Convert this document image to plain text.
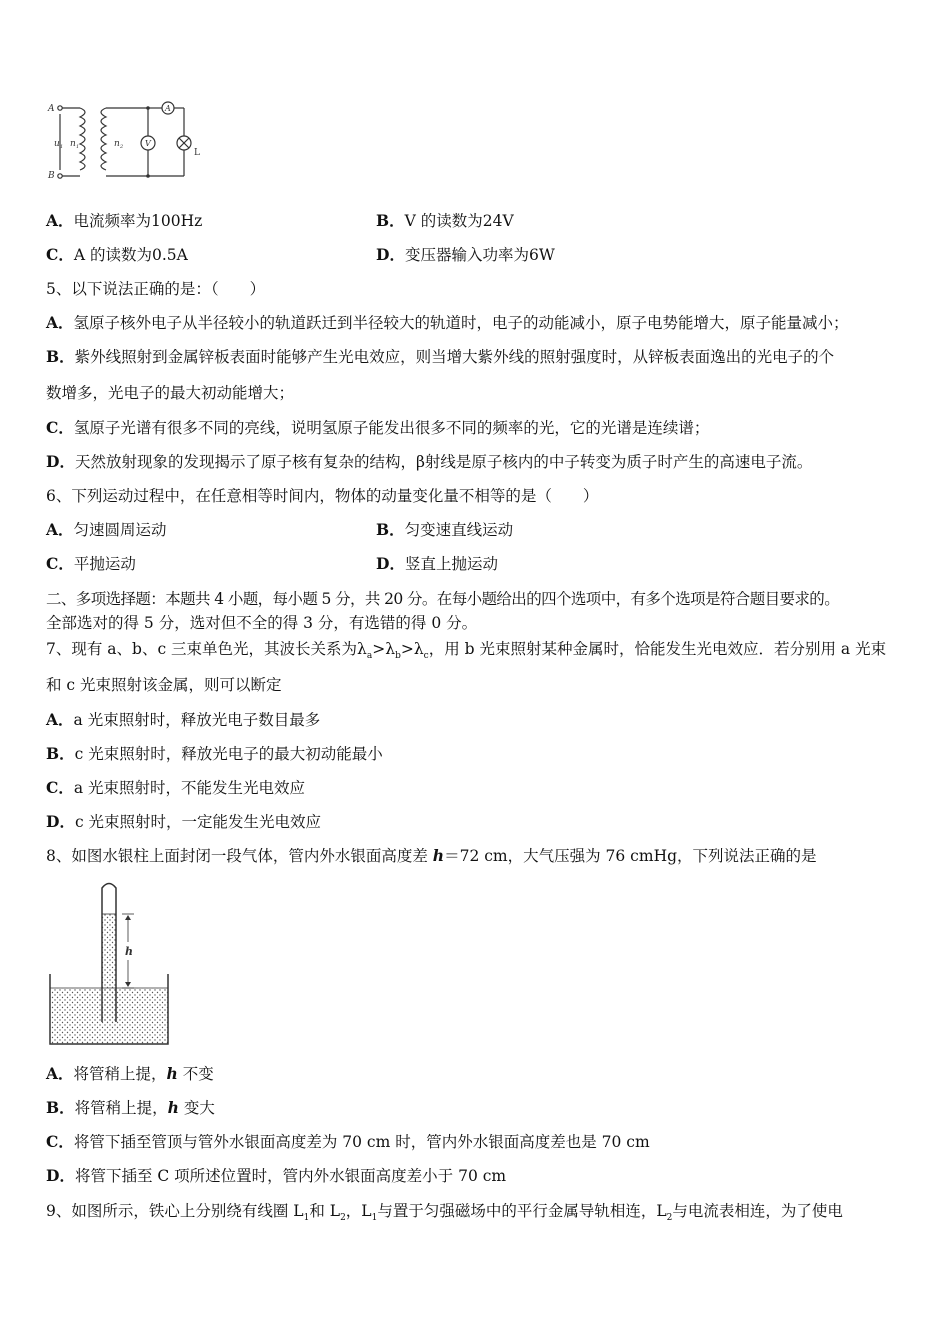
A
B
u 1 n 1	n 2
A
V
L
A．电流频率为100Hz	B．V 的读数为24V
C．A 的读数为0.5A	D．变压器输入功率为6W
5、以下说法正确的是：（　　）
A．氢原子核外电子从半径较小的轨道跃迁到半径较大的轨道时，电子的动能减小，原子电势能增大，原子能量减小；
B．紫外线照射到金属锌板表面时能够产生光电效应，则当增大紫外线的照射强度时，从锌板表面逸出的光电子的个
数增多，光电子的最大初动能增大；
C．氢原子光谱有很多不同的亮线，说明氢原子能发出很多不同的频率的光，它的光谱是连续谱；
D．天然放射现象的发现揭示了原子核有复杂的结构，β射线是原子核内的中子转变为质子时产生的高速电子流。
6、下列运动过程中，在任意相等时间内，物体的动量变化量不相等的是（　　）
A．匀速圆周运动	B．匀变速直线运动
C．平抛运动	D．竖直上抛运动
二、多项选择题：本题共 4 小题，每小题 5 分，共 20 分。在每小题给出的四个选项中，有多个选项是符合题目要求的。
全部选对的得 5 分，选对但不全的得 3 分，有选错的得 0 分。
7、现有 a、b、c 三束单色光，其波长关系为$\lambda_a>\lambda_b>\lambda_c$，用 b 光束照射某种金属时，恰能发生光电效应．若分别用 a 光束
和 c 光束照射该金属，则可以断定
A．a 光束照射时，释放光电子数目最多
B．c 光束照射时，释放光电子的最大初动能最小
C．a 光束照射时，不能发生光电效应
D．c 光束照射时，一定能发生光电效应
8、如图水银柱上面封闭一段气体，管内外水银面高度差 h＝72 cm，大气压强为 76 cmHg，下列说法正确的是
h
A．将管稍上提，h 不变
B．将管稍上提，h 变大
C．将管下插至管顶与管外水银面高度差为 70 cm 时，管内外水银面高度差也是 70 cm
D．将管下插至 C 项所述位置时，管内外水银面高度差小于 70 cm
9、如图所示，铁心上分别绕有线圈 $L_1$和 $L_2$，$L_1$与置于匀强磁场中的平行金属导轨相连，$L_2$与电流表相连，为了使电
